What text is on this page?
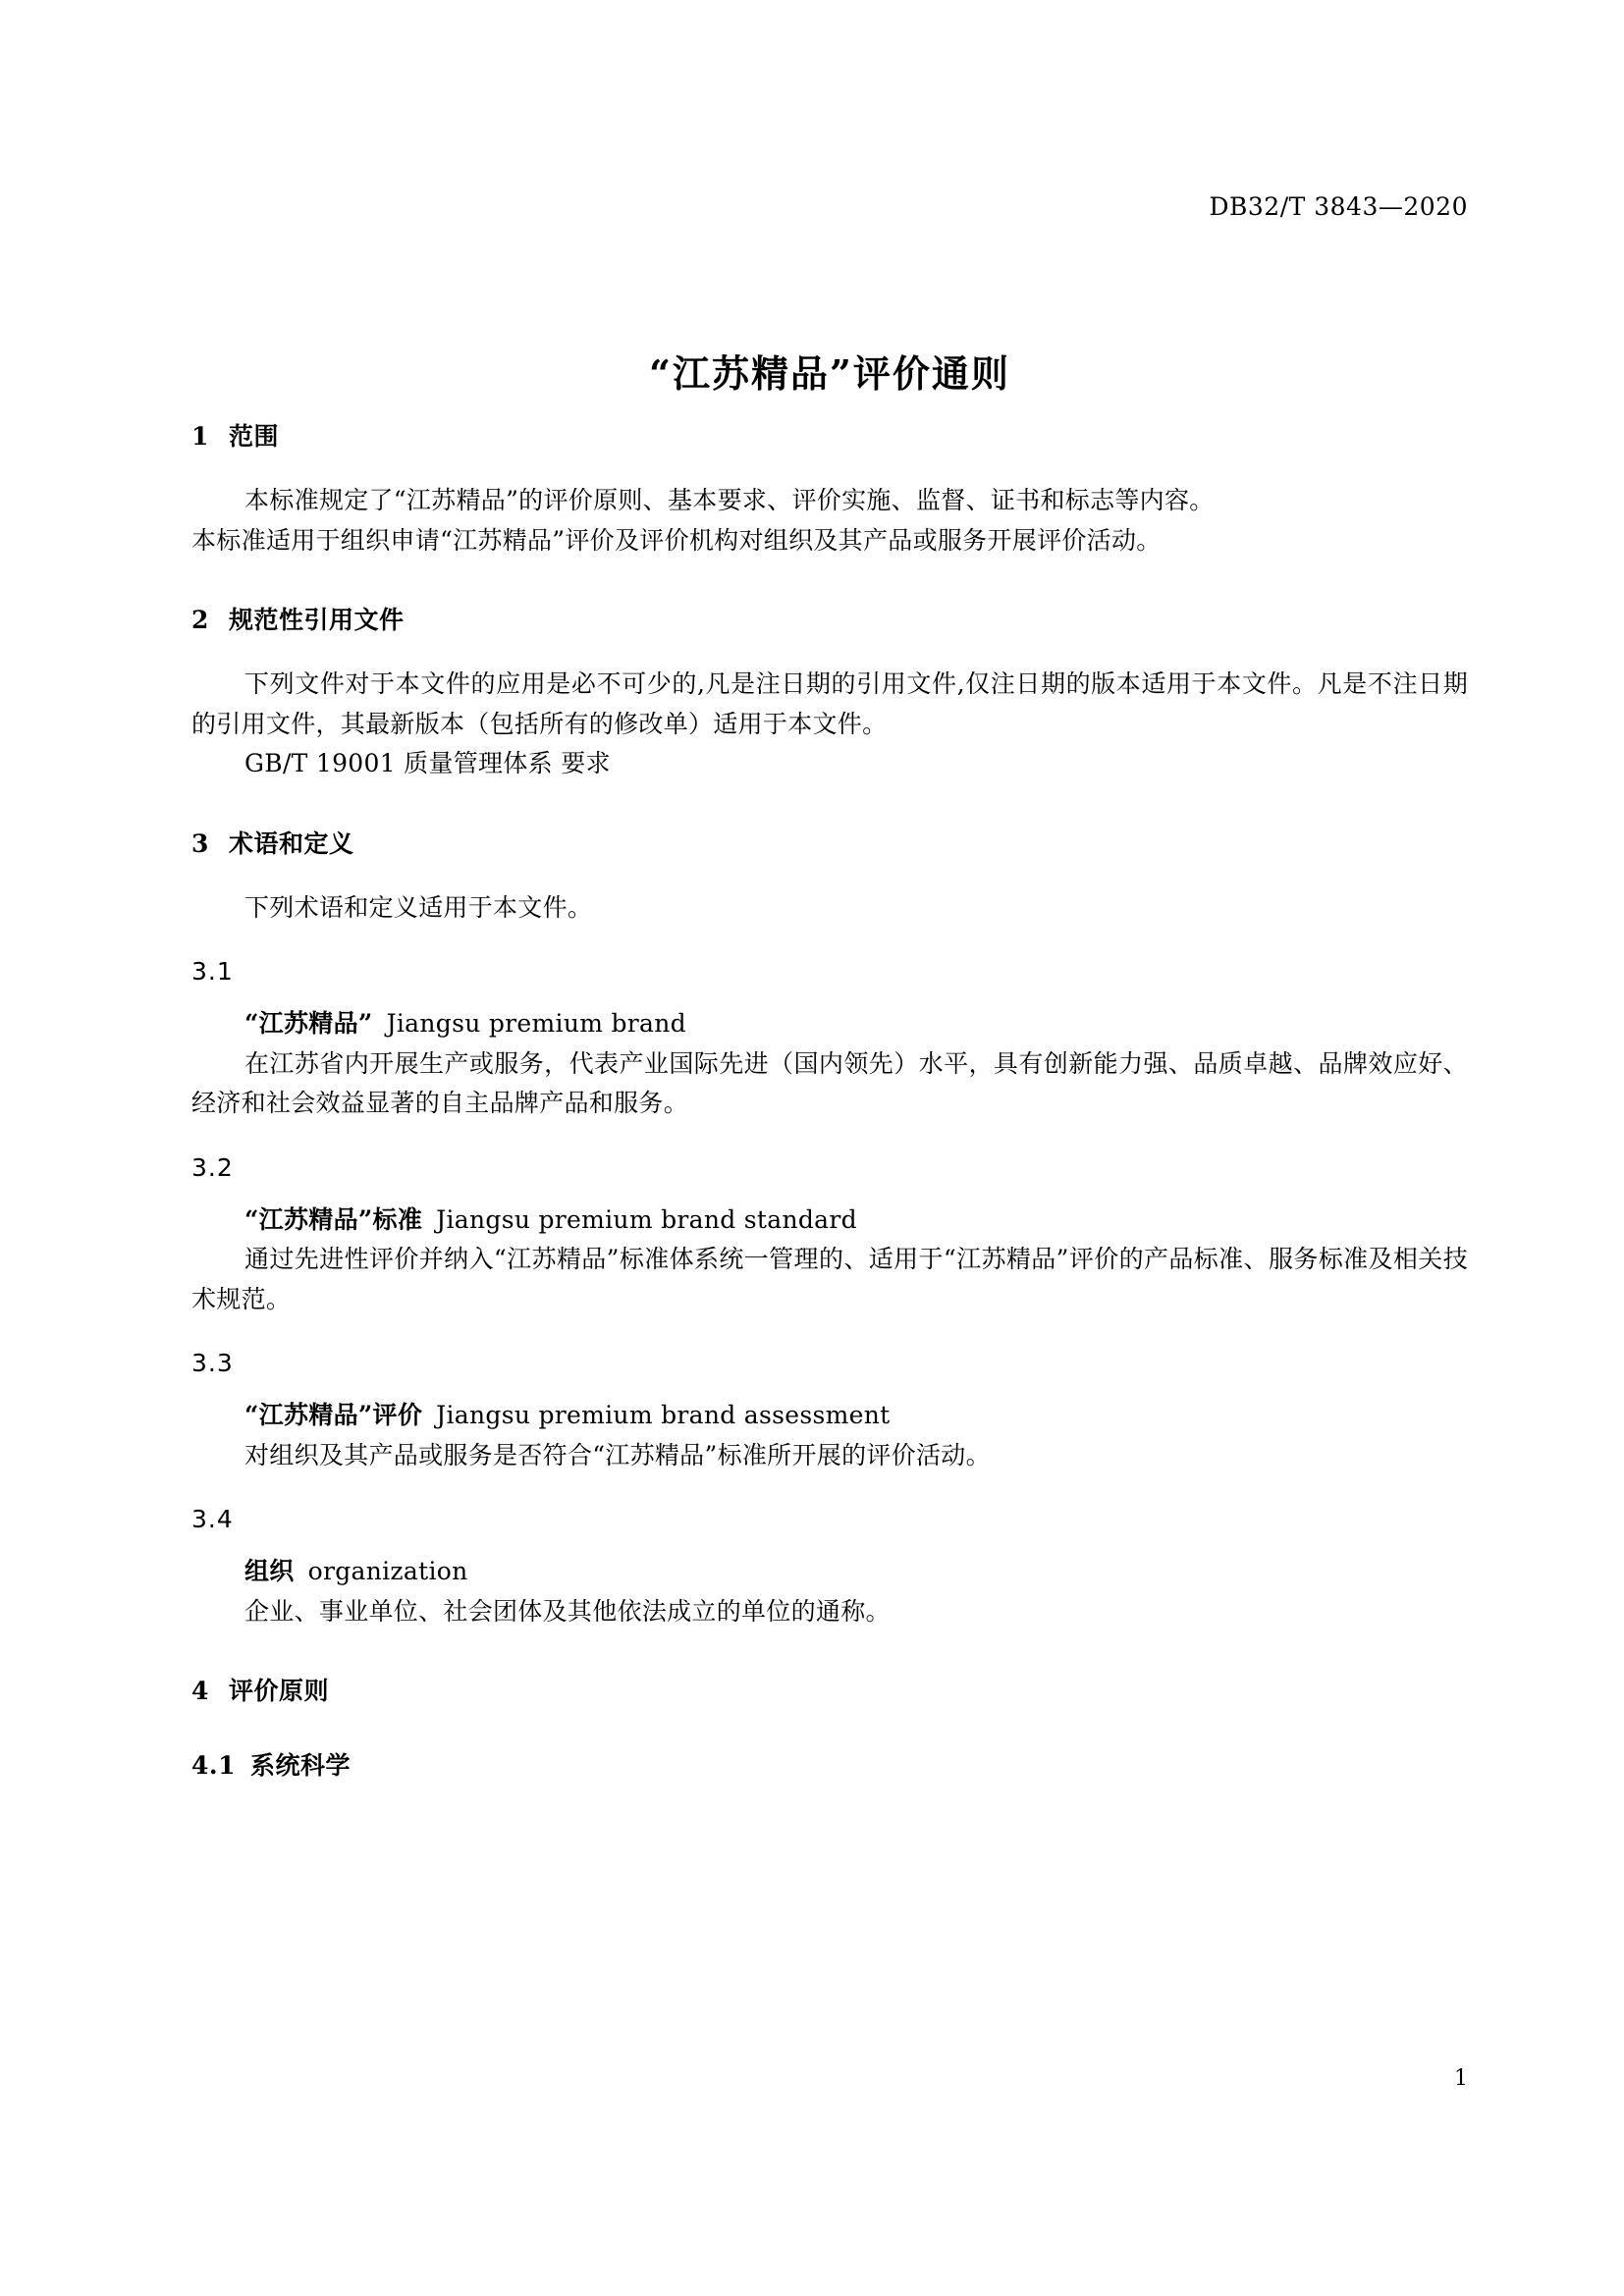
DB32/T 3843—2020
“江苏精品”评价通则
1 范围

本标准规定了“江苏精品”的评价原则、基本要求、评价实施、监督、证书和标志等内容。

本标准适用于组织申请“江苏精品”评价及评价机构对组织及其产品或服务开展评价活动。

2 规范性引用文件

下列文件对于本文件的应用是必不可少的,凡是注日期的引用文件,仅注日期的版本适用于本文件。凡是不注日期的引用文件，其最新版本（包括所有的修改单）适用于本文件。

GB/T 19001 质量管理体系 要求

3 术语和定义

下列术语和定义适用于本文件。

3.1

“江苏精品” Jiangsu premium brand

在江苏省内开展生产或服务，代表产业国际先进（国内领先）水平，具有创新能力强、品质卓越、品牌效应好、经济和社会效益显著的自主品牌产品和服务。

3.2

“江苏精品”标准 Jiangsu premium brand standard

通过先进性评价并纳入“江苏精品”标准体系统一管理的、适用于“江苏精品”评价的产品标准、服务标准及相关技术规范。

3.3

“江苏精品”评价 Jiangsu premium brand assessment

对组织及其产品或服务是否符合“江苏精品”标准所开展的评价活动。

3.4

组织 organization

企业、事业单位、社会团体及其他依法成立的单位的通称。

4 评价原则
4.1 系统科学
1
